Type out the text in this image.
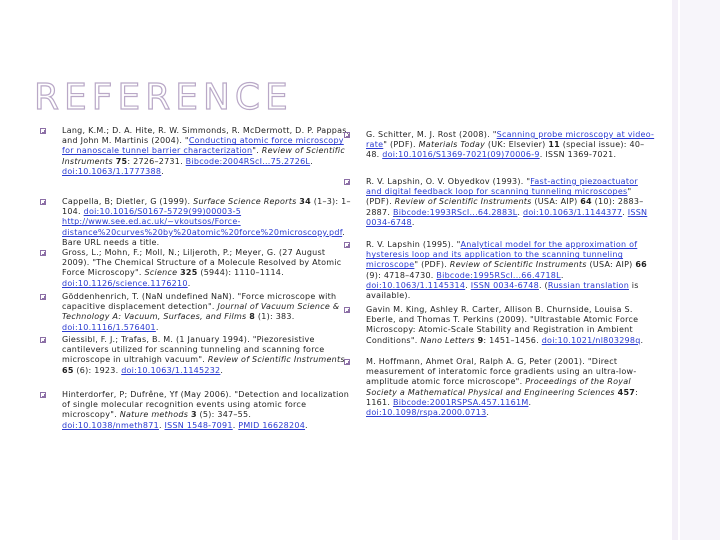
REFERENCE

Lang, K.M.; D. A. Hite, R. W. Simmonds, R. McDermott, D. P. Pappas, and John M. Martinis (2004). "Conducting atomic force microscopy for nanoscale tunnel barrier characterization". Review of Scientific Instruments 75: 2726–2731. Bibcode:2004RScI...75.2726L. doi:10.1063/1.1777388.

Cappella, B; Dietler, G (1999). Surface Science Reports 34 (1–3): 1–104. doi:10.1016/S0167-5729(99)00003-5 http://www.see.ed.ac.uk/~vkoutsos/Force-distance%20curves%20by%20atomic%20force%20microscopy.pdf. Bare URL needs a title.

Gross, L.; Mohn, F.; Moll, N.; Liljeroth, P.; Meyer, G. (27 August 2009). "The Chemical Structure of a Molecule Resolved by Atomic Force Microscopy". Science 325 (5944): 1110–1114. doi:10.1126/science.1176210.

Göddenhenrich, T. (NaN undefined NaN). "Force microscope with capacitive displacement detection". Journal of Vacuum Science & Technology A: Vacuum, Surfaces, and Films 8 (1): 383. doi:10.1116/1.576401.

Giessibl, F. J.; Trafas, B. M. (1 January 1994). "Piezoresistive cantilevers utilized for scanning tunneling and scanning force microscope in ultrahigh vacuum". Review of Scientific Instruments 65 (6): 1923. doi:10.1063/1.1145232.

Hinterdorfer, P; Dufrêne, Yf (May 2006). "Detection and localization of single molecular recognition events using atomic force microscopy". Nature methods 3 (5): 347–55. doi:10.1038/nmeth871. ISSN 1548-7091. PMID 16628204.

G. Schitter, M. J. Rost (2008). "Scanning probe microscopy at video-rate" (PDF). Materials Today (UK: Elsevier) 11 (special issue): 40–48. doi:10.1016/S1369-7021(09)70006-9. ISSN 1369-7021.

R. V. Lapshin, O. V. Obyedkov (1993). "Fast-acting piezoactuator and digital feedback loop for scanning tunneling microscopes" (PDF). Review of Scientific Instruments (USA: AIP) 64 (10): 2883–2887. Bibcode:1993RScI...64.2883L. doi:10.1063/1.1144377. ISSN 0034-6748.

R. V. Lapshin (1995). "Analytical model for the approximation of hysteresis loop and its application to the scanning tunneling microscope" (PDF). Review of Scientific Instruments (USA: AIP) 66 (9): 4718–4730. Bibcode:1995RScI...66.4718L. doi:10.1063/1.1145314. ISSN 0034-6748. (Russian translation is available).

Gavin M. King, Ashley R. Carter, Allison B. Churnside, Louisa S. Eberle, and Thomas T. Perkins (2009). "Ultrastable Atomic Force Microscopy: Atomic-Scale Stability and Registration in Ambient Conditions". Nano Letters 9: 1451–1456. doi:10.1021/nl803298q.

M. Hoffmann, Ahmet Oral, Ralph A. G, Peter (2001). "Direct measurement of interatomic force gradients using an ultra-low-amplitude atomic force microscope". Proceedings of the Royal Society a Mathematical Physical and Engineering Sciences 457: 1161. Bibcode:2001RSPSA.457.1161M. doi:10.1098/rspa.2000.0713.
